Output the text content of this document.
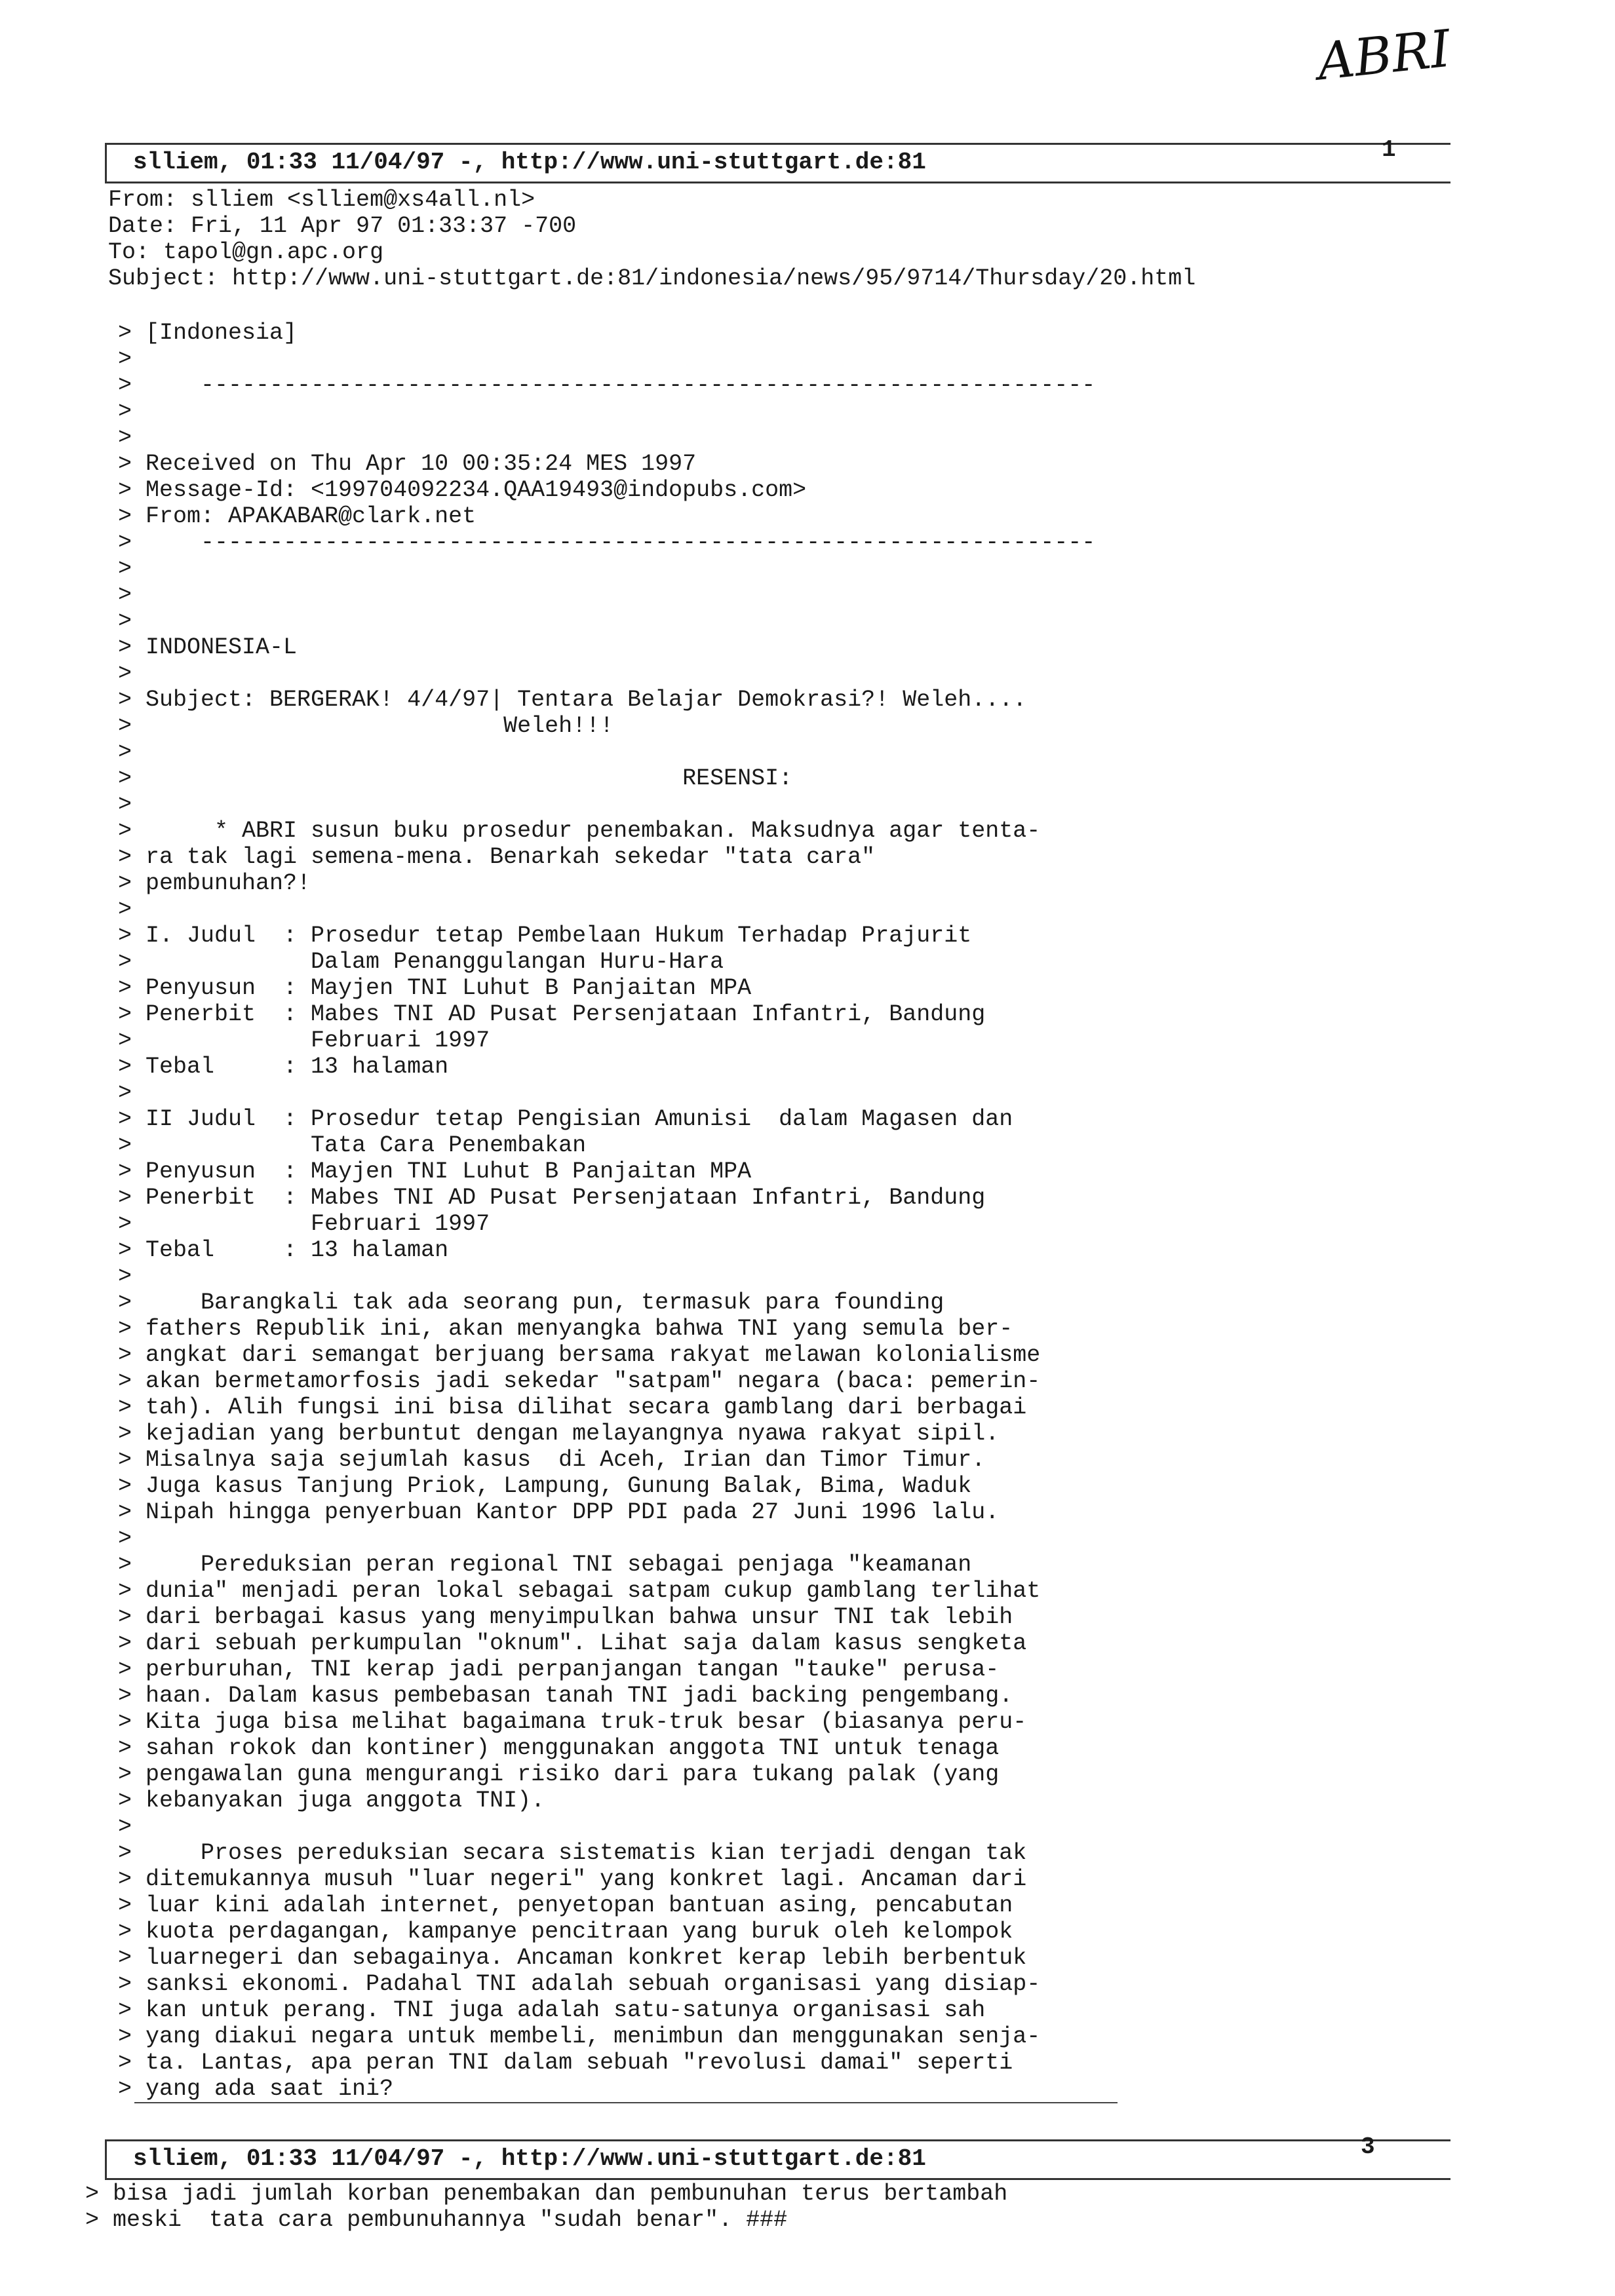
ABRI
slliem, 01:33 11/04/97 -, http://www.uni-stuttgart.de:81	1
From: slliem <slliem@xs4all.nl>
Date: Fri, 11 Apr 97 01:33:37 -700
To: tapol@gn.apc.org
Subject: http://www.uni-stuttgart.de:81/indonesia/news/95/9714/Thursday/20.html
> [Indonesia]
>
>     -----------------------------------------------------------------
>
>
> Received on Thu Apr 10 00:35:24 MES 1997
> Message-Id: <199704092234.QAA19493@indopubs.com>
> From: APAKABAR@clark.net
>     -----------------------------------------------------------------
>
>
>
> INDONESIA-L
>
> Subject: BERGERAK! 4/4/97| Tentara Belajar Demokrasi?! Weleh....
>                           Weleh!!!
>
>                                        RESENSI:
>
>      * ABRI susun buku prosedur penembakan. Maksudnya agar tenta-
> ra tak lagi semena-mena. Benarkah sekedar "tata cara"
> pembunuhan?!
>
> I. Judul  : Prosedur tetap Pembelaan Hukum Terhadap Prajurit
>             Dalam Penanggulangan Huru-Hara
> Penyusun  : Mayjen TNI Luhut B Panjaitan MPA
> Penerbit  : Mabes TNI AD Pusat Persenjataan Infantri, Bandung
>             Februari 1997
> Tebal     : 13 halaman
>
> II Judul  : Prosedur tetap Pengisian Amunisi  dalam Magasen dan
>             Tata Cara Penembakan
> Penyusun  : Mayjen TNI Luhut B Panjaitan MPA
> Penerbit  : Mabes TNI AD Pusat Persenjataan Infantri, Bandung
>             Februari 1997
> Tebal     : 13 halaman
>
>     Barangkali tak ada seorang pun, termasuk para founding
> fathers Republik ini, akan menyangka bahwa TNI yang semula ber-
> angkat dari semangat berjuang bersama rakyat melawan kolonialisme
> akan bermetamorfosis jadi sekedar "satpam" negara (baca: pemerin-
> tah). Alih fungsi ini bisa dilihat secara gamblang dari berbagai
> kejadian yang berbuntut dengan melayangnya nyawa rakyat sipil.
> Misalnya saja sejumlah kasus  di Aceh, Irian dan Timor Timur.
> Juga kasus Tanjung Priok, Lampung, Gunung Balak, Bima, Waduk
> Nipah hingga penyerbuan Kantor DPP PDI pada 27 Juni 1996 lalu.
>
>     Pereduksian peran regional TNI sebagai penjaga "keamanan
> dunia" menjadi peran lokal sebagai satpam cukup gamblang terlihat
> dari berbagai kasus yang menyimpulkan bahwa unsur TNI tak lebih
> dari sebuah perkumpulan "oknum". Lihat saja dalam kasus sengketa
> perburuhan, TNI kerap jadi perpanjangan tangan "tauke" perusa-
> haan. Dalam kasus pembebasan tanah TNI jadi backing pengembang.
> Kita juga bisa melihat bagaimana truk-truk besar (biasanya peru-
> sahan rokok dan kontiner) menggunakan anggota TNI untuk tenaga
> pengawalan guna mengurangi risiko dari para tukang palak (yang
> kebanyakan juga anggota TNI).
>
>     Proses pereduksian secara sistematis kian terjadi dengan tak
> ditemukannya musuh "luar negeri" yang konkret lagi. Ancaman dari
> luar kini adalah internet, penyetopan bantuan asing, pencabutan
> kuota perdagangan, kampanye pencitraan yang buruk oleh kelompok
> luarnegeri dan sebagainya. Ancaman konkret kerap lebih berbentuk
> sanksi ekonomi. Padahal TNI adalah sebuah organisasi yang disiap-
> kan untuk perang. TNI juga adalah satu-satunya organisasi sah
> yang diakui negara untuk membeli, menimbun dan menggunakan senja-
> ta. Lantas, apa peran TNI dalam sebuah "revolusi damai" seperti
> yang ada saat ini?
slliem, 01:33 11/04/97 -, http://www.uni-stuttgart.de:81	3
> bisa jadi jumlah korban penembakan dan pembunuhan terus bertambah
> meski  tata cara pembunuhannya "sudah benar". ###
